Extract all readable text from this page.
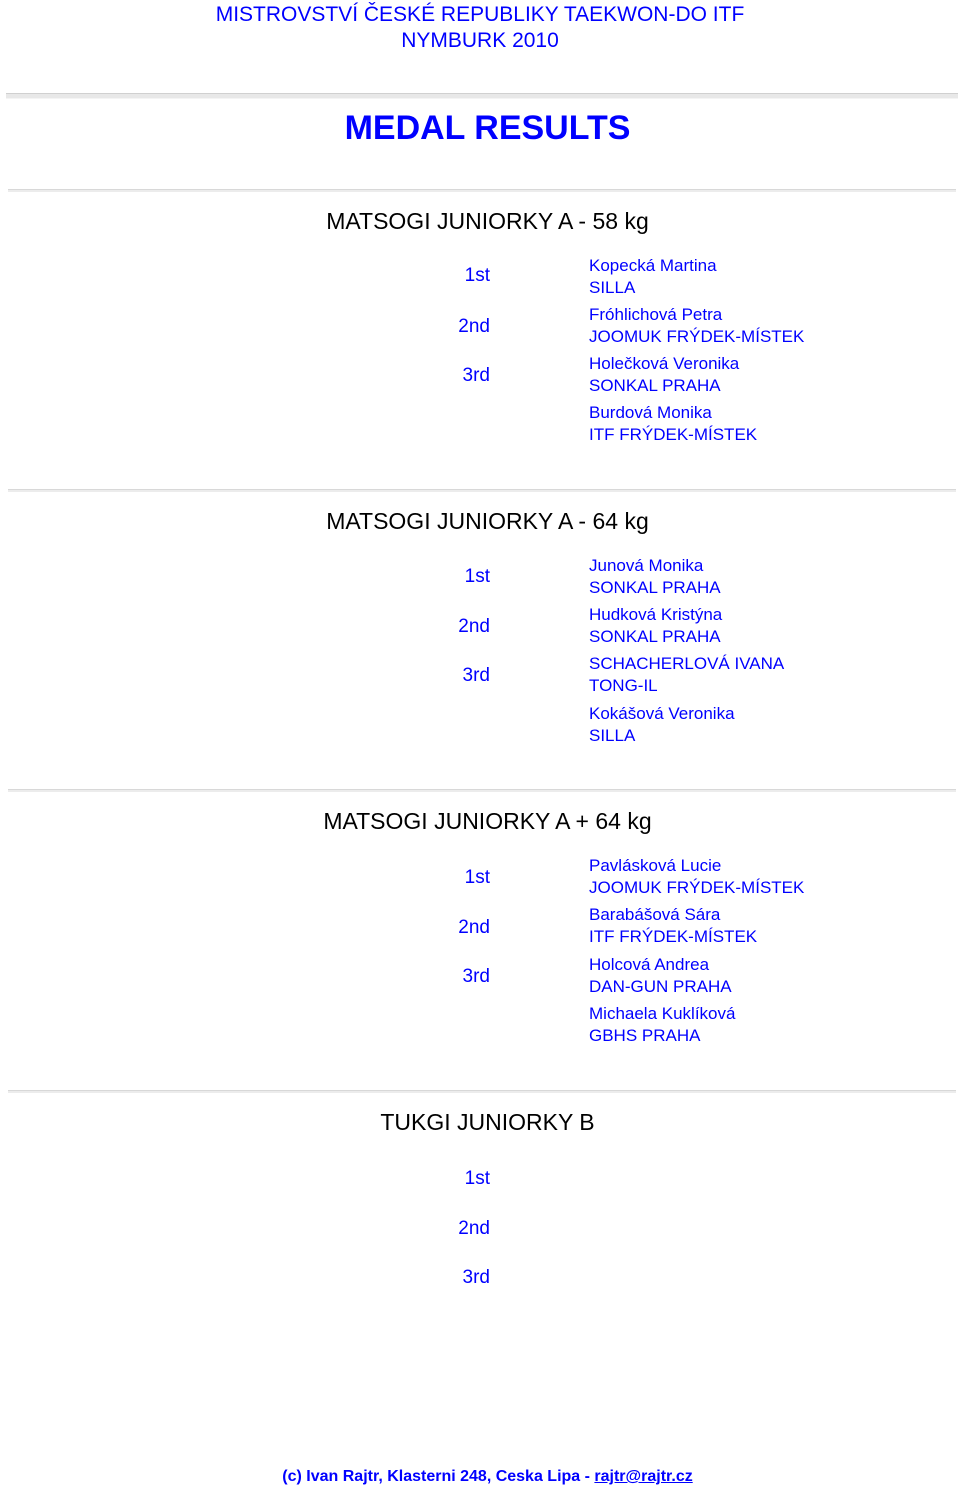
MISTROVSTVÍ ČESKÉ REPUBLIKY TAEKWON-DO ITF
NYMBURK 2010
MEDAL RESULTS
MATSOGI JUNIORKY A - 58 kg
1st
2nd
3rd
Kopecká Martina
SILLA
Fróhlichová Petra
JOOMUK FRÝDEK-MÍSTEK
Holečková Veronika
SONKAL PRAHA
Burdová Monika
ITF FRÝDEK-MÍSTEK
MATSOGI JUNIORKY A - 64 kg
1st
2nd
3rd
Junová Monika
SONKAL PRAHA
Hudková Kristýna
SONKAL PRAHA
SCHACHERLOVÁ IVANA
TONG-IL
Kokášová Veronika
SILLA
MATSOGI JUNIORKY A + 64 kg
1st
2nd
3rd
Pavlásková Lucie
JOOMUK FRÝDEK-MÍSTEK
Barabášová Sára
ITF FRÝDEK-MÍSTEK
Holcová Andrea
DAN-GUN PRAHA
Michaela Kuklíková
GBHS PRAHA
TUKGI JUNIORKY B
1st
2nd
3rd
(c) Ivan Rajtr, Klasterni 248, Ceska Lipa - rajtr@rajtr.cz
